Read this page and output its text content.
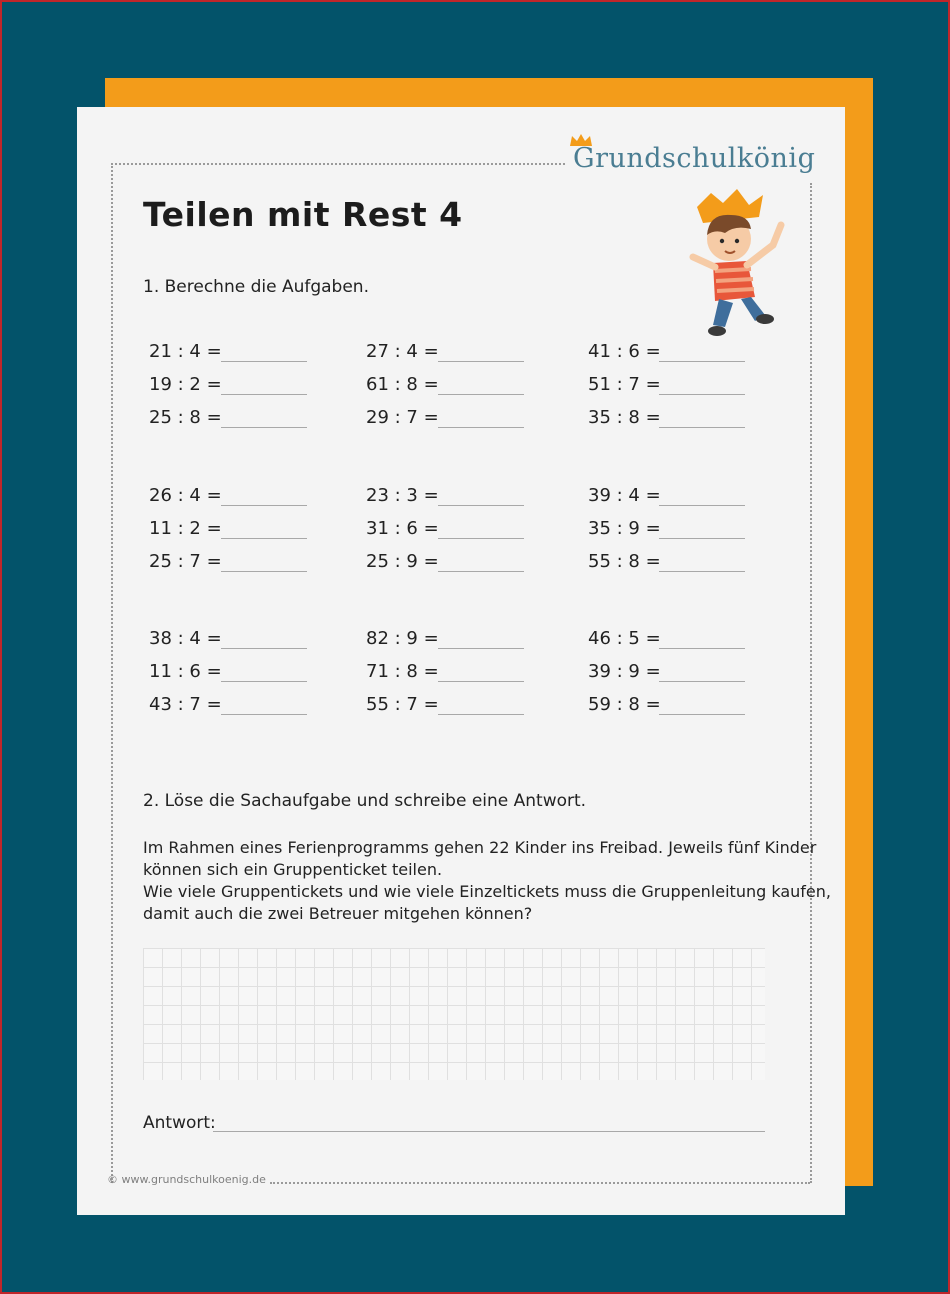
Grundschulkönig
Teilen mit Rest 4
1. Berechne die Aufgaben.
21 : 4 =	27 : 4 =	41 : 6 =
19 : 2 =	61 : 8 =	51 : 7 =
25 : 8 =	29 : 7 =	35 : 8 =
26 : 4 =	23 : 3 =	39 : 4 =
11 : 2 =	31 : 6 =	35 : 9 =
25 : 7 =	25 : 9 =	55 : 8 =
38 : 4 =	82 : 9 =	46 : 5 =
11 : 6 =	71 : 8 =	39 : 9 =
43 : 7 =	55 : 7 =	59 : 8 =
2. Löse die Sachaufgabe und schreibe eine Antwort.
Im Rahmen eines Ferienprogramms gehen 22 Kinder ins Freibad. Jeweils fünf Kinder
können sich ein Gruppenticket teilen.
Wie viele Gruppentickets und wie viele Einzeltickets muss die Gruppenleitung kaufen,
damit auch die zwei Betreuer mitgehen können?
Antwort:
© www.grundschulkoenig.de
